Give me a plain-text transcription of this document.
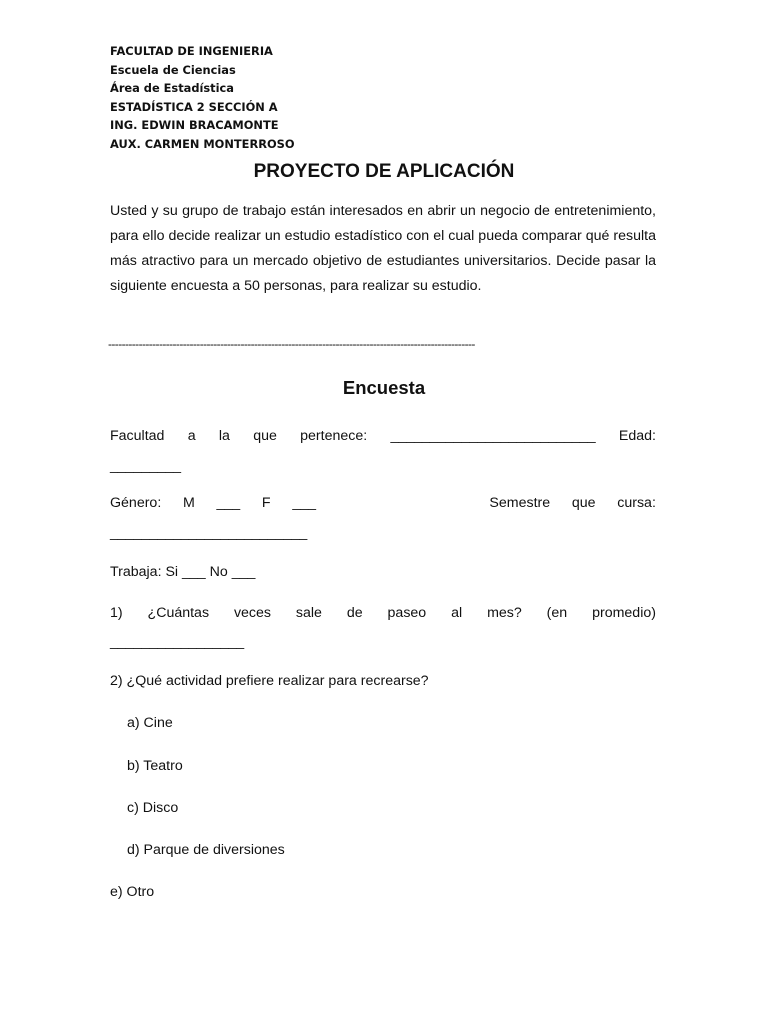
FACULTAD DE INGENIERIA
Escuela de Ciencias
Área de Estadística
ESTADÍSTICA 2 SECCIÓN A
ING. EDWIN BRACAMONTE
AUX. CARMEN MONTERROSO
PROYECTO DE APLICACIÓN

Usted y su grupo de trabajo están interesados en abrir un negocio de entretenimiento, para ello decide realizar un estudio estadístico con el cual pueda comparar qué resulta más atractivo para un mercado objetivo de estudiantes universitarios. Decide pasar la siguiente encuesta a 50 personas, para realizar su estudio.

------------------------------------------------------------------------------------------------------------
Encuesta
Facultad a la que pertenece: __________________________ Edad:
_________
Género: M ___ F ___	Semestre que cursa:
_________________________
Trabaja: Si ___ No ___
1) ¿Cuántas veces sale de paseo al mes? (en promedio)
_________________
2) ¿Qué actividad prefiere realizar para recrearse?
a) Cine
b) Teatro
c) Disco
d) Parque de diversiones
e) Otro
